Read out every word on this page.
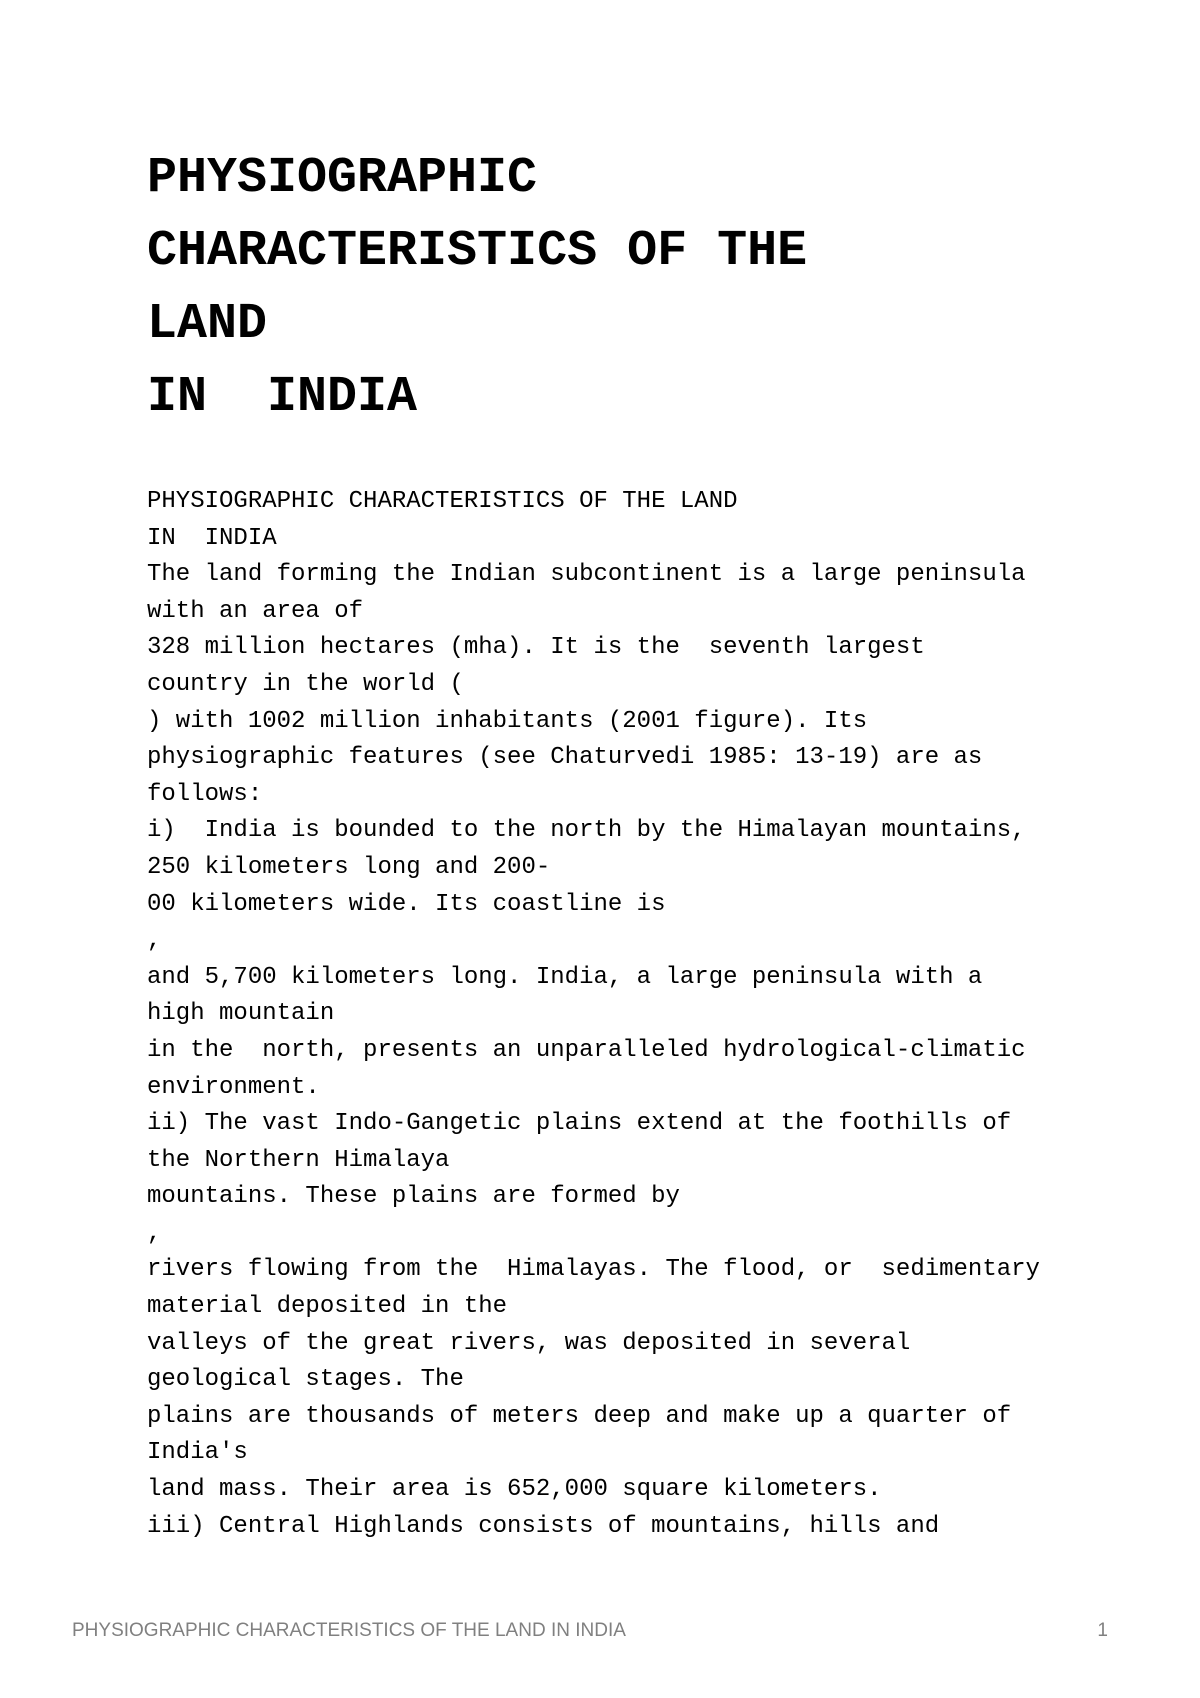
PHYSIOGRAPHIC
CHARACTERISTICS OF THE
LAND
IN  INDIA
PHYSIOGRAPHIC CHARACTERISTICS OF THE LAND
IN  INDIA
The land forming the Indian subcontinent is a large peninsula
with an area of
328 million hectares (mha). It is the  seventh largest
country in the world (
) with 1002 million inhabitants (2001 figure). Its
physiographic features (see Chaturvedi 1985: 13-19) are as
follows:
i)  India is bounded to the north by the Himalayan mountains,
250 kilometers long and 200-
00 kilometers wide. Its coastline is
,
and 5,700 kilometers long. India, a large peninsula with a
high mountain
in the  north, presents an unparalleled hydrological-climatic
environment.
ii) The vast Indo-Gangetic plains extend at the foothills of
the Northern Himalaya
mountains. These plains are formed by
,
rivers flowing from the  Himalayas. The flood, or  sedimentary
material deposited in the
valleys of the great rivers, was deposited in several
geological stages. The
plains are thousands of meters deep and make up a quarter of
India's
land mass. Their area is 652,000 square kilometers.
iii) Central Highlands consists of mountains, hills and
PHYSIOGRAPHIC CHARACTERISTICS OF THE LAND IN INDIA	1
